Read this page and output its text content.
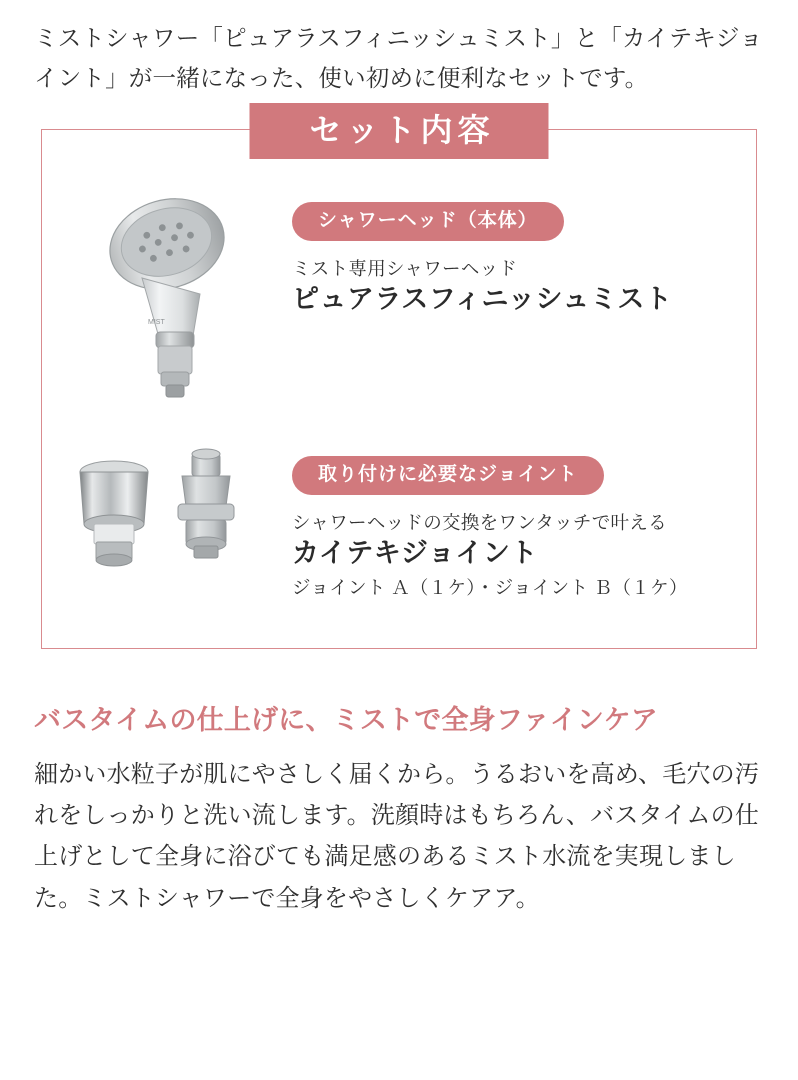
ミストシャワー「ピュアラスフィニッシュミスト」と「カイテキジョイント」が一緒になった、使い初めに便利なセットです。

セット内容
MIST
シャワーヘッド（本体）

ミスト専用シャワーヘッド

ピュアラスフィニッシュミスト

取り付けに必要なジョイント

シャワーヘッドの交換をワンタッチで叶える

カイテキジョイント

ジョイント Ａ（１ケ）・ジョイント Ｂ（１ケ）

バスタイムの仕上げに、ミストで全身ファインケア

細かい水粒子が肌にやさしく届くから。うるおいを高め、毛穴の汚れをしっかりと洗い流します。洗顔時はもちろん、バスタイムの仕上げとして全身に浴びても満足感のあるミスト水流を実現しました。ミストシャワーで全身をやさしくケアア。
